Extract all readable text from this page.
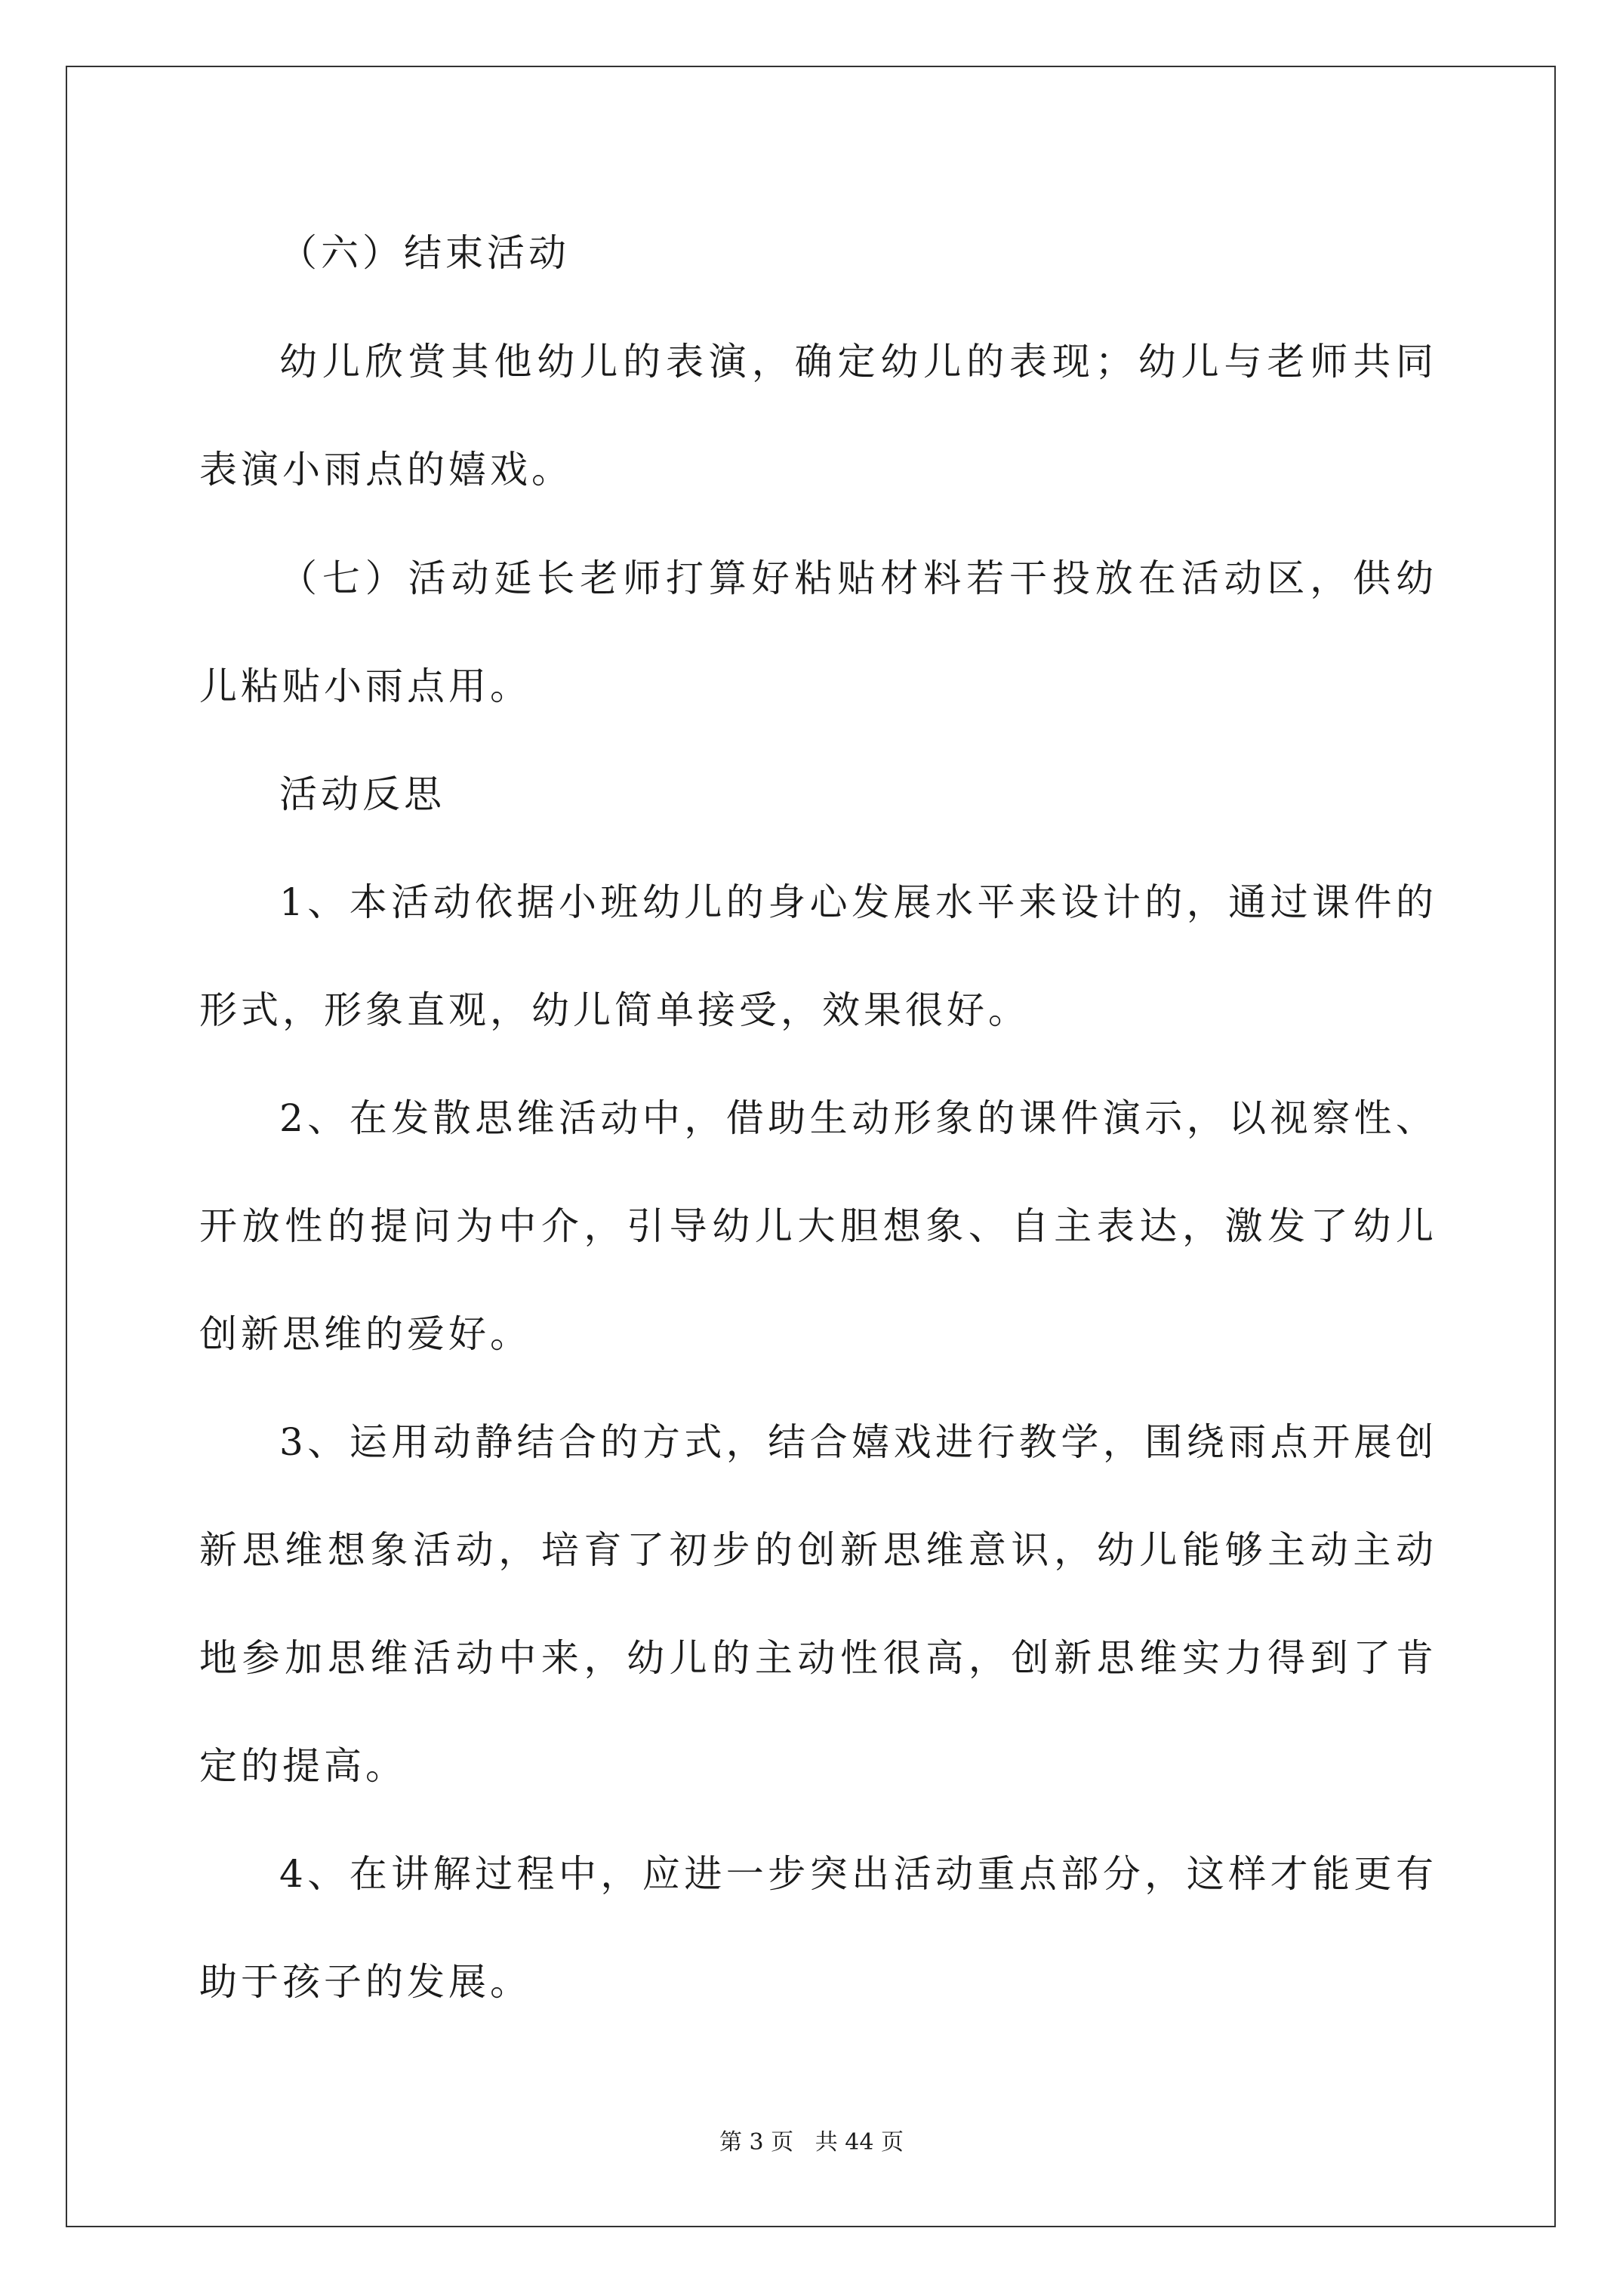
（六）结束活动

幼儿欣赏其他幼儿的表演，确定幼儿的表现；幼儿与老师共同表演小雨点的嬉戏。

（七）活动延长老师打算好粘贴材料若干投放在活动区，供幼儿粘贴小雨点用。

活动反思

1、本活动依据小班幼儿的身心发展水平来设计的，通过课件的形式，形象直观，幼儿简单接受，效果很好。

2、在发散思维活动中，借助生动形象的课件演示，以视察性、开放性的提问为中介，引导幼儿大胆想象、自主表达，激发了幼儿创新思维的爱好。

3、运用动静结合的方式，结合嬉戏进行教学，围绕雨点开展创新思维想象活动，培育了初步的创新思维意识，幼儿能够主动主动地参加思维活动中来，幼儿的主动性很高，创新思维实力得到了肯定的提高。

4、在讲解过程中，应进一步突出活动重点部分，这样才能更有助于孩子的发展。

第 3 页   共 44 页
